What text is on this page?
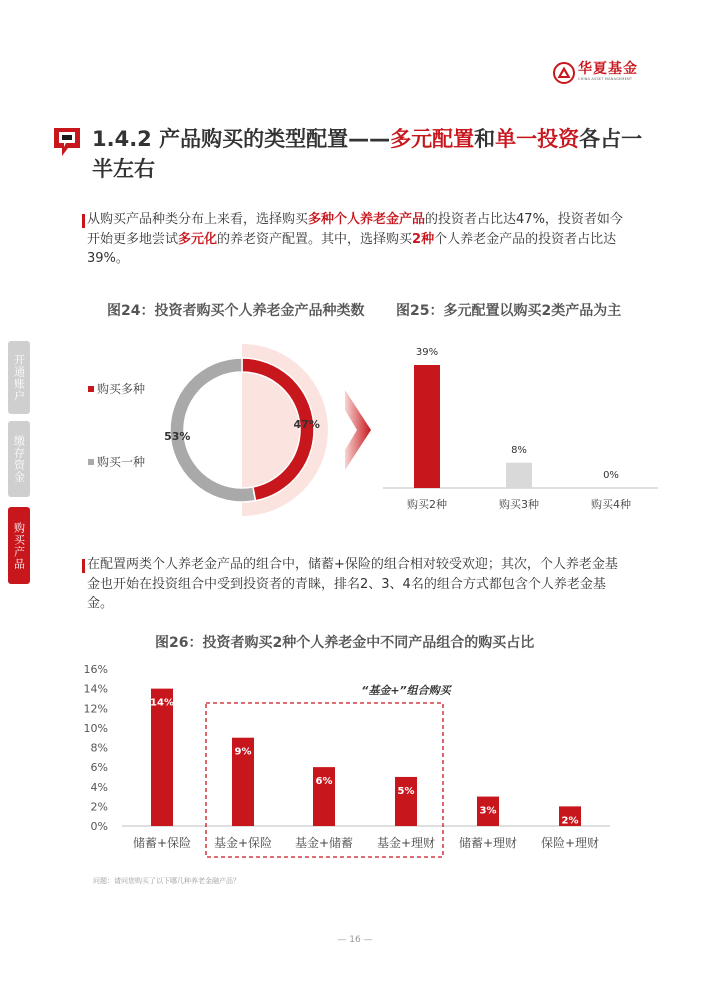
华夏基金
CHINA ASSET MANAGEMENT
1.4.2 产品购买的类型配置——多元配置和单一投资各占一半左右
从购买产品种类分布上来看，选择购买多种个人养老金产品的投资者占比达47%，投资者如今开始更多地尝试多元化的养老资产配置。其中，选择购买2种个人养老金产品的投资者占比达39%。
开通账户
缴存资金
购买产品
图24：投资者购买个人养老金产品种类数
购买多种
购买一种
47%
53%
图25：多元配置以购买2类产品为主
39%
购买2种
8%
购买3种
0%
购买4种
在配置两类个人养老金产品的组合中，储蓄+保险的组合相对较受欢迎；其次，个人养老金基金也开始在投资组合中受到投资者的青睐，排名2、3、4名的组合方式都包含个人养老金基金。
图26：投资者购买2种个人养老金中不同产品组合的购买占比
0%
2%
4%
6%
8%
10%
12%
14%
16%
“基金+”组合购买
14%
储蓄+保险
9%
基金+保险
6%
基金+储蓄
5%
基金+理财
3%
储蓄+理财
2%
保险+理财
问题：请问您购买了以下哪几种养老金融产品？
— 16 —
